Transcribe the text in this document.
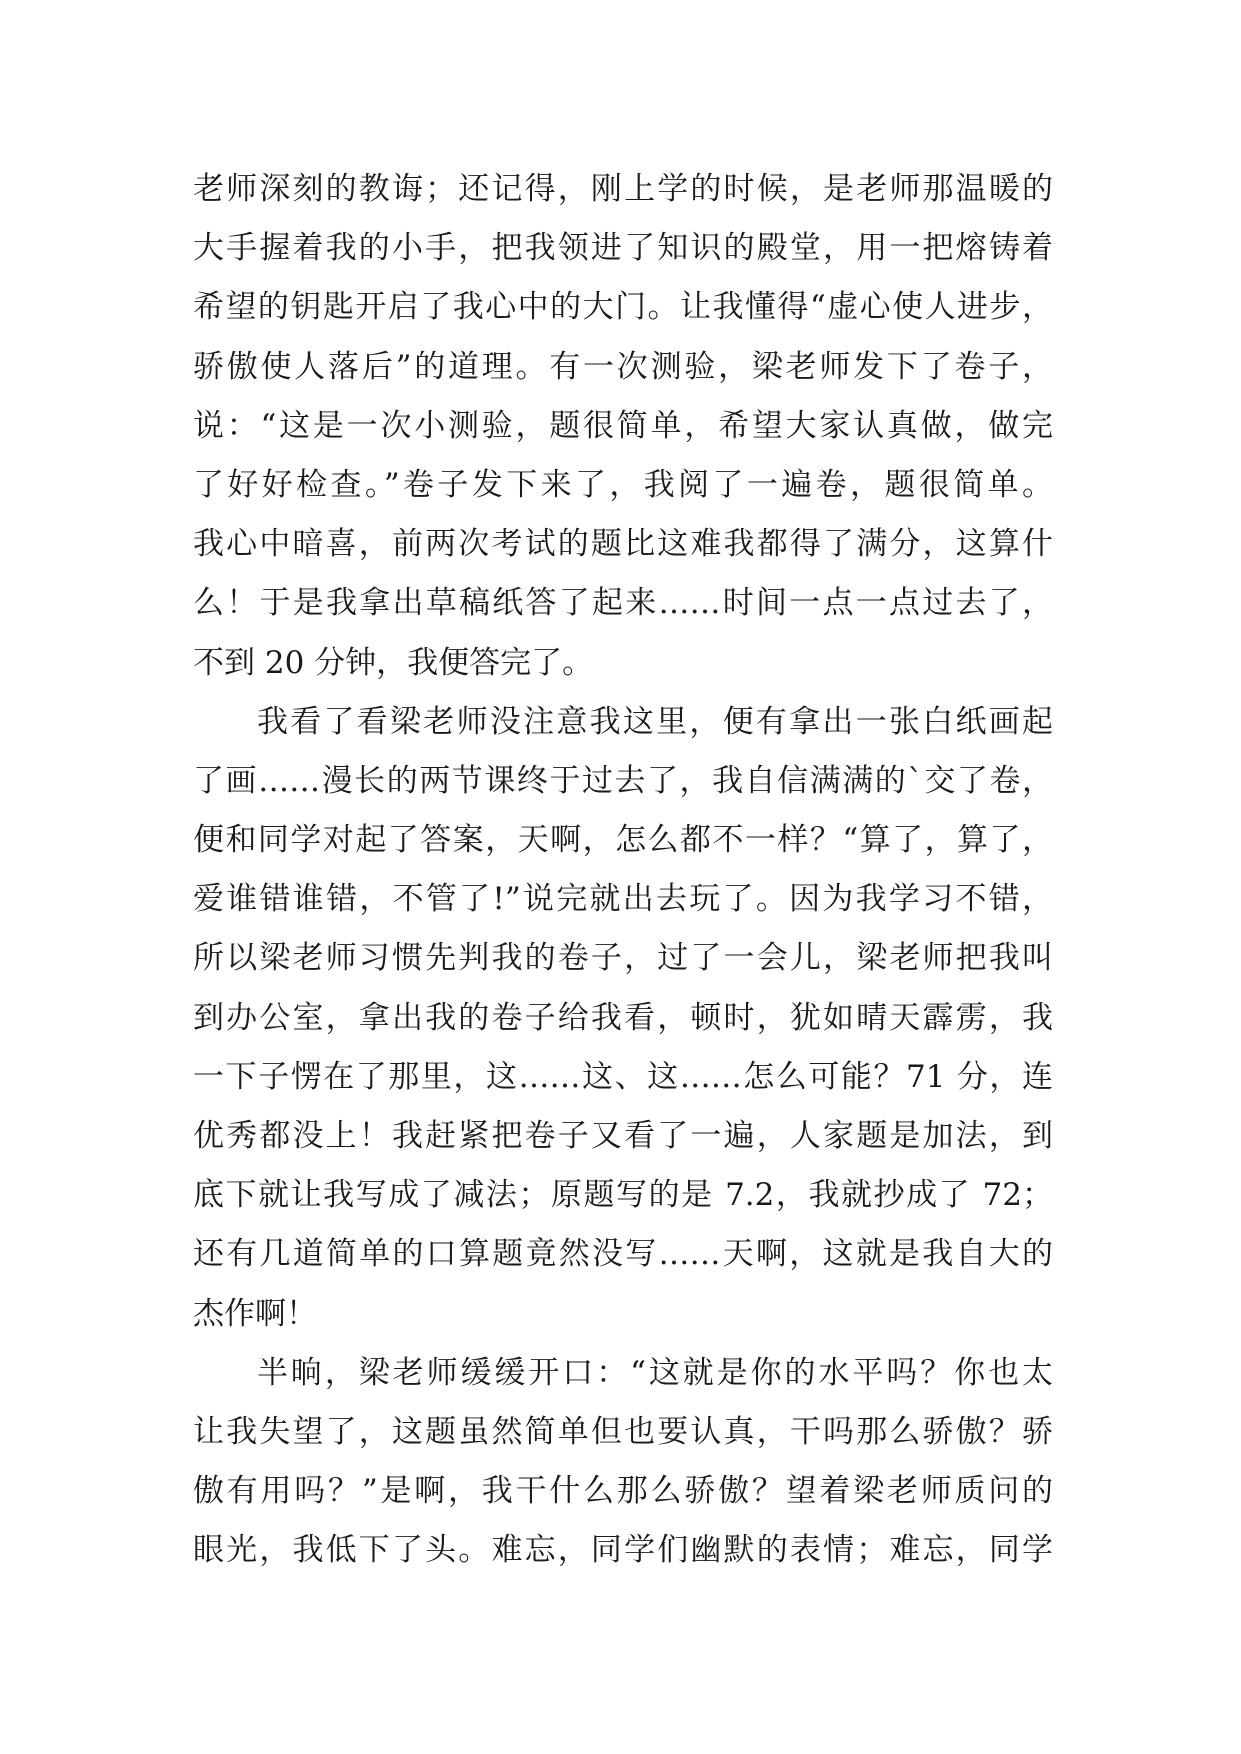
老师深刻的教诲；还记得，刚上学的时候，是老师那温暖的
大手握着我的小手，把我领进了知识的殿堂，用一把熔铸着
希望的钥匙开启了我心中的大门。让我懂得“虚心使人进步，
骄傲使人落后”的道理。有一次测验，梁老师发下了卷子，
说：“这是一次小测验，题很简单，希望大家认真做，做完
了好好检查。”卷子发下来了，我阅了一遍卷，题很简单。
我心中暗喜，前两次考试的题比这难我都得了满分，这算什
么！于是我拿出草稿纸答了起来……时间一点一点过去了，
不到 20 分钟，我便答完了。
我看了看梁老师没注意我这里，便有拿出一张白纸画起
了画……漫长的两节课终于过去了，我自信满满的`交了卷，
便和同学对起了答案，天啊，怎么都不一样？“算了，算了，
爱谁错谁错，不管了!”说完就出去玩了。因为我学习不错，
所以梁老师习惯先判我的卷子，过了一会儿，梁老师把我叫
到办公室，拿出我的卷子给我看，顿时，犹如晴天霹雳，我
一下子愣在了那里，这……这、这……怎么可能？71 分，连
优秀都没上！我赶紧把卷子又看了一遍，人家题是加法，到
底下就让我写成了减法；原题写的是 7.2，我就抄成了 72；
还有几道简单的口算题竟然没写……天啊，这就是我自大的
杰作啊！
半晌，梁老师缓缓开口：“这就是你的水平吗？你也太
让我失望了，这题虽然简单但也要认真，干吗那么骄傲？骄
傲有用吗？”是啊，我干什么那么骄傲？望着梁老师质问的
眼光，我低下了头。难忘，同学们幽默的表情；难忘，同学
